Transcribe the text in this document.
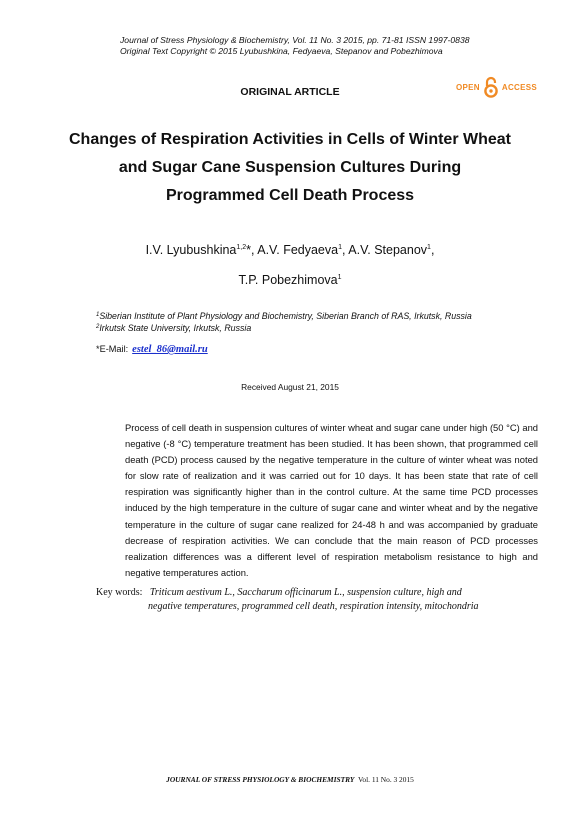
Journal of Stress Physiology & Biochemistry, Vol. 11 No. 3 2015, pp. 71-81 ISSN 1997-0838
Original Text Copyright © 2015 Lyubushkina, Fedyaeva, Stepanov and Pobezhimova
OPEN	ACCESS
ORIGINAL ARTICLE
Changes of Respiration Activities in Cells of Winter Wheat
and Sugar Cane Suspension Cultures During
Programmed Cell Death Process
I.V. Lyubushkina$^{1,2}$*, A.V. Fedyaeva$^1$, A.V. Stepanov$^1$,
T.P. Pobezhimova$^1$
$^1$Siberian Institute of Plant Physiology and Biochemistry, Siberian Branch of RAS, Irkutsk, Russia
$^2$Irkutsk State University, Irkutsk, Russia
*E-Mail: estel_86@mail.ru
Received August 21, 2015
Process of cell death in suspension cultures of winter wheat and sugar cane under high (50 °C) and negative (-8 °C) temperature treatment has been studied. It has been shown, that programmed cell death (PCD) process caused by the negative temperature in the culture of winter wheat was noted for slow rate of realization and it was carried out for 10 days. It has been state that rate of cell respiration was significantly higher than in the control culture. At the same time PCD processes induced by the high temperature in the culture of sugar cane and winter wheat and by the negative temperature in the culture of sugar cane realized for 24-48 h and was accompanied by graduate decrease of respiration activities. We can conclude that the main reason of PCD processes realization differences was a different level of respiration metabolism resistance to high and negative temperatures action.
Key words: Triticum aestivum L., Saccharum officinarum L., suspension culture, high and
negative temperatures, programmed cell death, respiration intensity, mitochondria
JOURNAL OF STRESS PHYSIOLOGY & BIOCHEMISTRY Vol. 11 No. 3 2015
